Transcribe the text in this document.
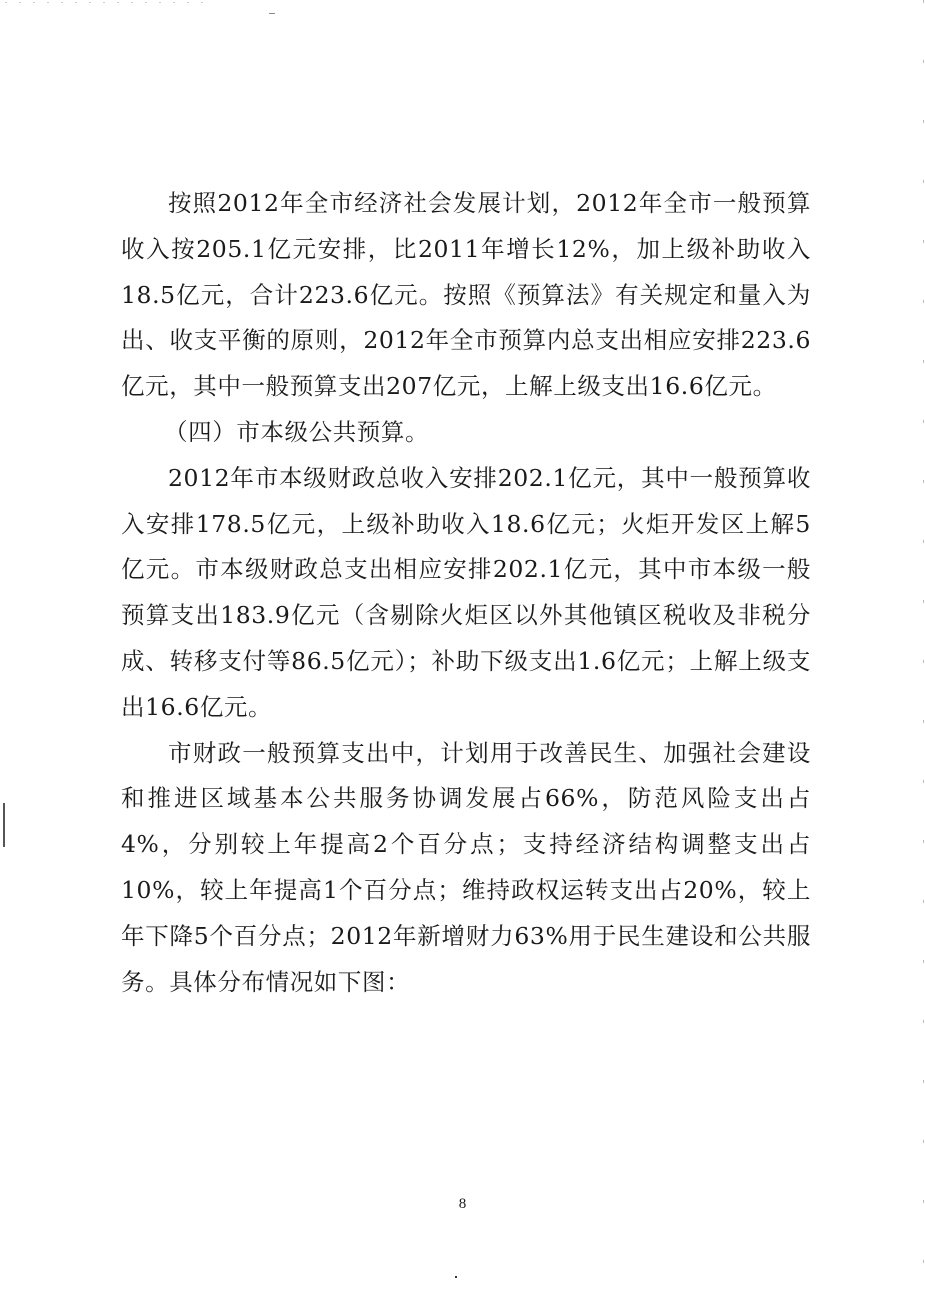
按照2012年全市经济社会发展计划，2012年全市一般预算收入按205.1亿元安排，比2011年增长12%，加上级补助收入18.5亿元，合计223.6亿元。按照《预算法》有关规定和量入为出、收支平衡的原则，2012年全市预算内总支出相应安排223.6亿元，其中一般预算支出207亿元，上解上级支出16.6亿元。

（四）市本级公共预算。

2012年市本级财政总收入安排202.1亿元，其中一般预算收入安排178.5亿元，上级补助收入18.6亿元；火炬开发区上解5亿元。市本级财政总支出相应安排202.1亿元，其中市本级一般预算支出183.9亿元（含剔除火炬区以外其他镇区税收及非税分成、转移支付等86.5亿元）；补助下级支出1.6亿元；上解上级支出16.6亿元。

市财政一般预算支出中，计划用于改善民生、加强社会建设和推进区域基本公共服务协调发展占66%，防范风险支出占4%，分别较上年提高2个百分点；支持经济结构调整支出占10%，较上年提高1个百分点；维持政权运转支出占20%，较上年下降5个百分点；2012年新增财力63%用于民生建设和公共服务。具体分布情况如下图：

8
